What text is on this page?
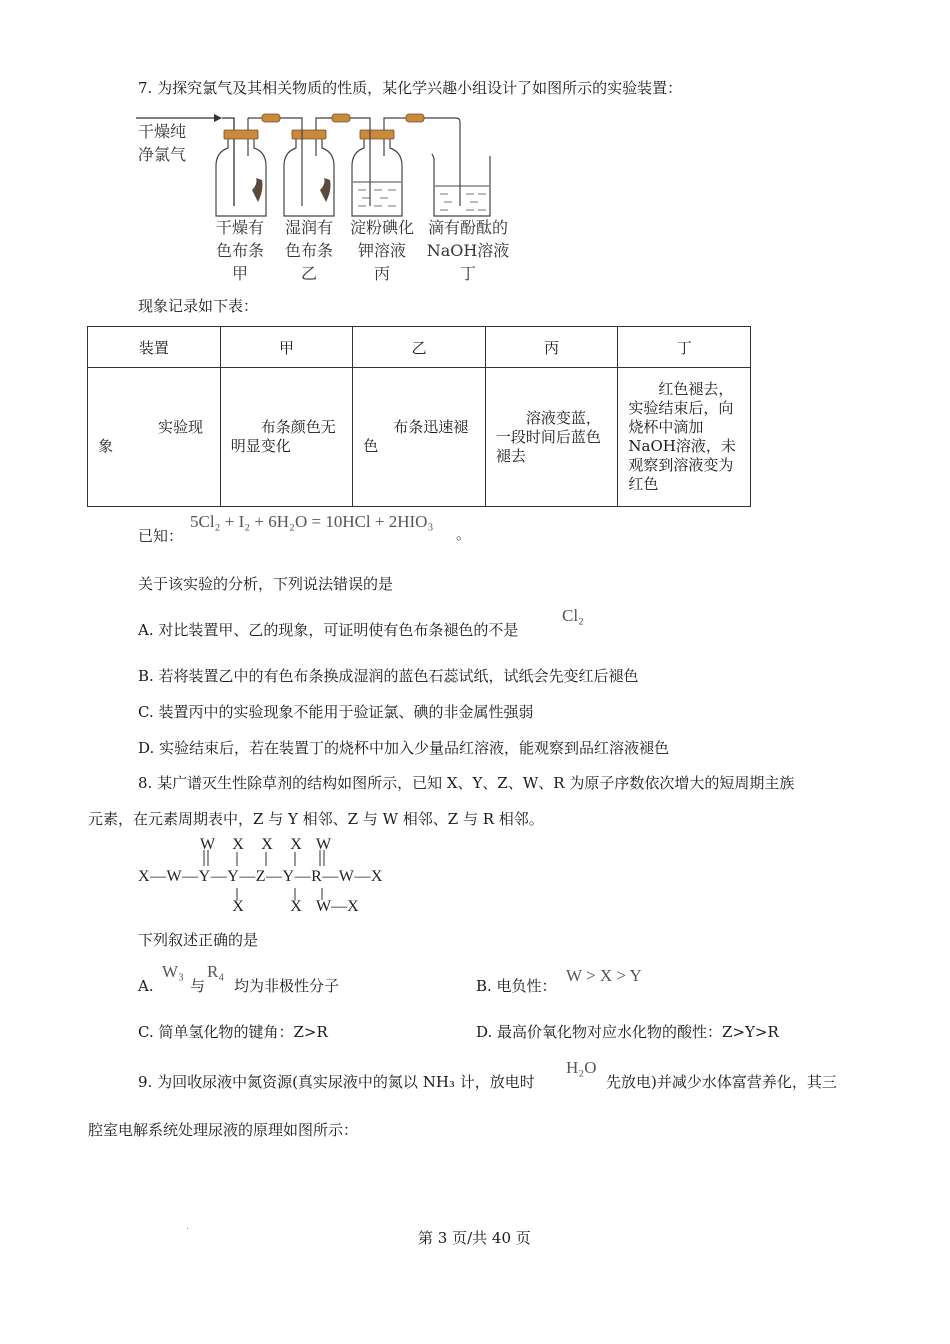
7. 为探究氯气及其相关物质的性质，某化学兴趣小组设计了如图所示的实验装置：
干燥纯
净氯气
干燥有
色布条
甲
湿润有
色布条
乙
淀粉碘化
钾溶液
丙
滴有酚酞的
NaOH溶液
丁
现象记录如下表：
装置	甲	乙	丙	丁

实验现象	布条颜色无明显变化	布条迅速褪色	溶液变蓝，一段时间后蓝色褪去	红色褪去，实验结束后，向烧杯中滴加NaOH溶液，未观察到溶液变为红色
已知：
5Cl₂ + I₂ + 6H₂O = 10HCl + 2HIO₃
。
关于该实验的分析，下列说法错误的是
A. 对比装置甲、乙的现象，可证明使有色布条褪色的不是
Cl₂
B. 若将装置乙中的有色布条换成湿润的蓝色石蕊试纸，试纸会先变红后褪色
C. 装置丙中的实验现象不能用于验证氯、碘的非金属性强弱
D. 实验结束后，若在装置丁的烧杯中加入少量品红溶液，能观察到品红溶液褪色
8. 某广谱灭生性除草剂的结构如图所示，已知 X、Y、Z、W、R 为原子序数依次增大的短周期主族
元素，在元素周期表中，Z 与 Y 相邻、Z 与 W 相邻、Z 与 R 相邻。
W X X X W
X—W—Y—Y—Z—Y—R—W—X
X	X W—X
下列叙述正确的是
A.
W₃
与
R₄
均为非极性分子	B. 电负性：
W > X > Y
C. 简单氢化物的键角：Z>R	D. 最高价氧化物对应水化物的酸性：Z>Y>R
9. 为回收尿液中氮资源(真实尿液中的氮以 NH₃ 计，放电时
H₂O
先放电)并减少水体富营养化，其三
腔室电解系统处理尿液的原理如图所示：
·	第 3 页/共 40 页
